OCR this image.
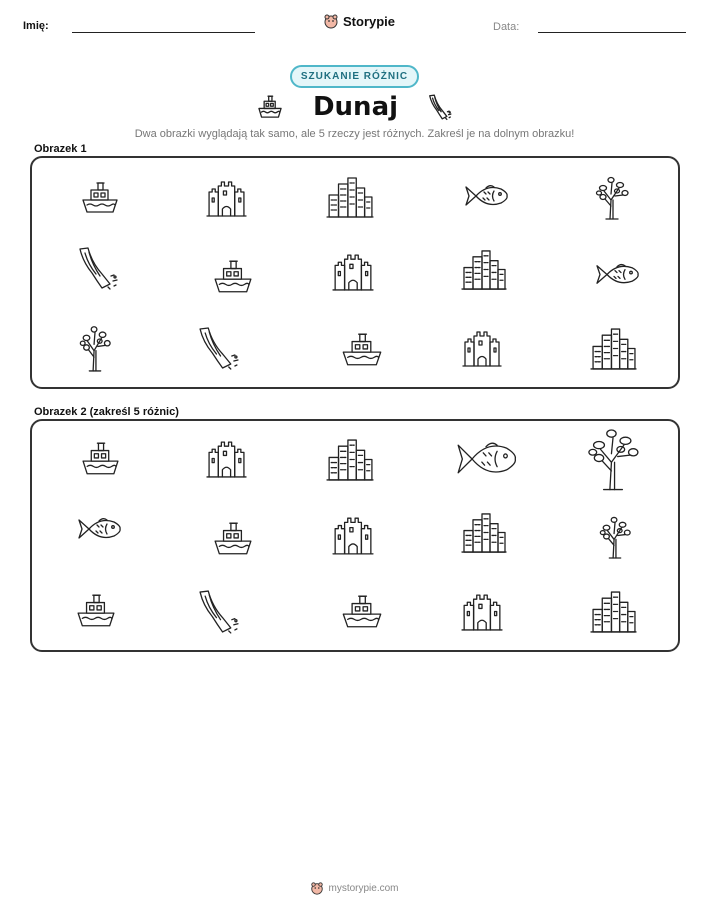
Imię:	Storypie	Data:
SZUKANIE RÓŻNIC
Dunaj
Dwa obrazki wyglądają tak samo, ale 5 rzeczy jest różnych. Zakreśl je na dolnym obrazku!
Obrazek 1
Obrazek 2 (zakreśl 5 różnic)
mystorypie.com
